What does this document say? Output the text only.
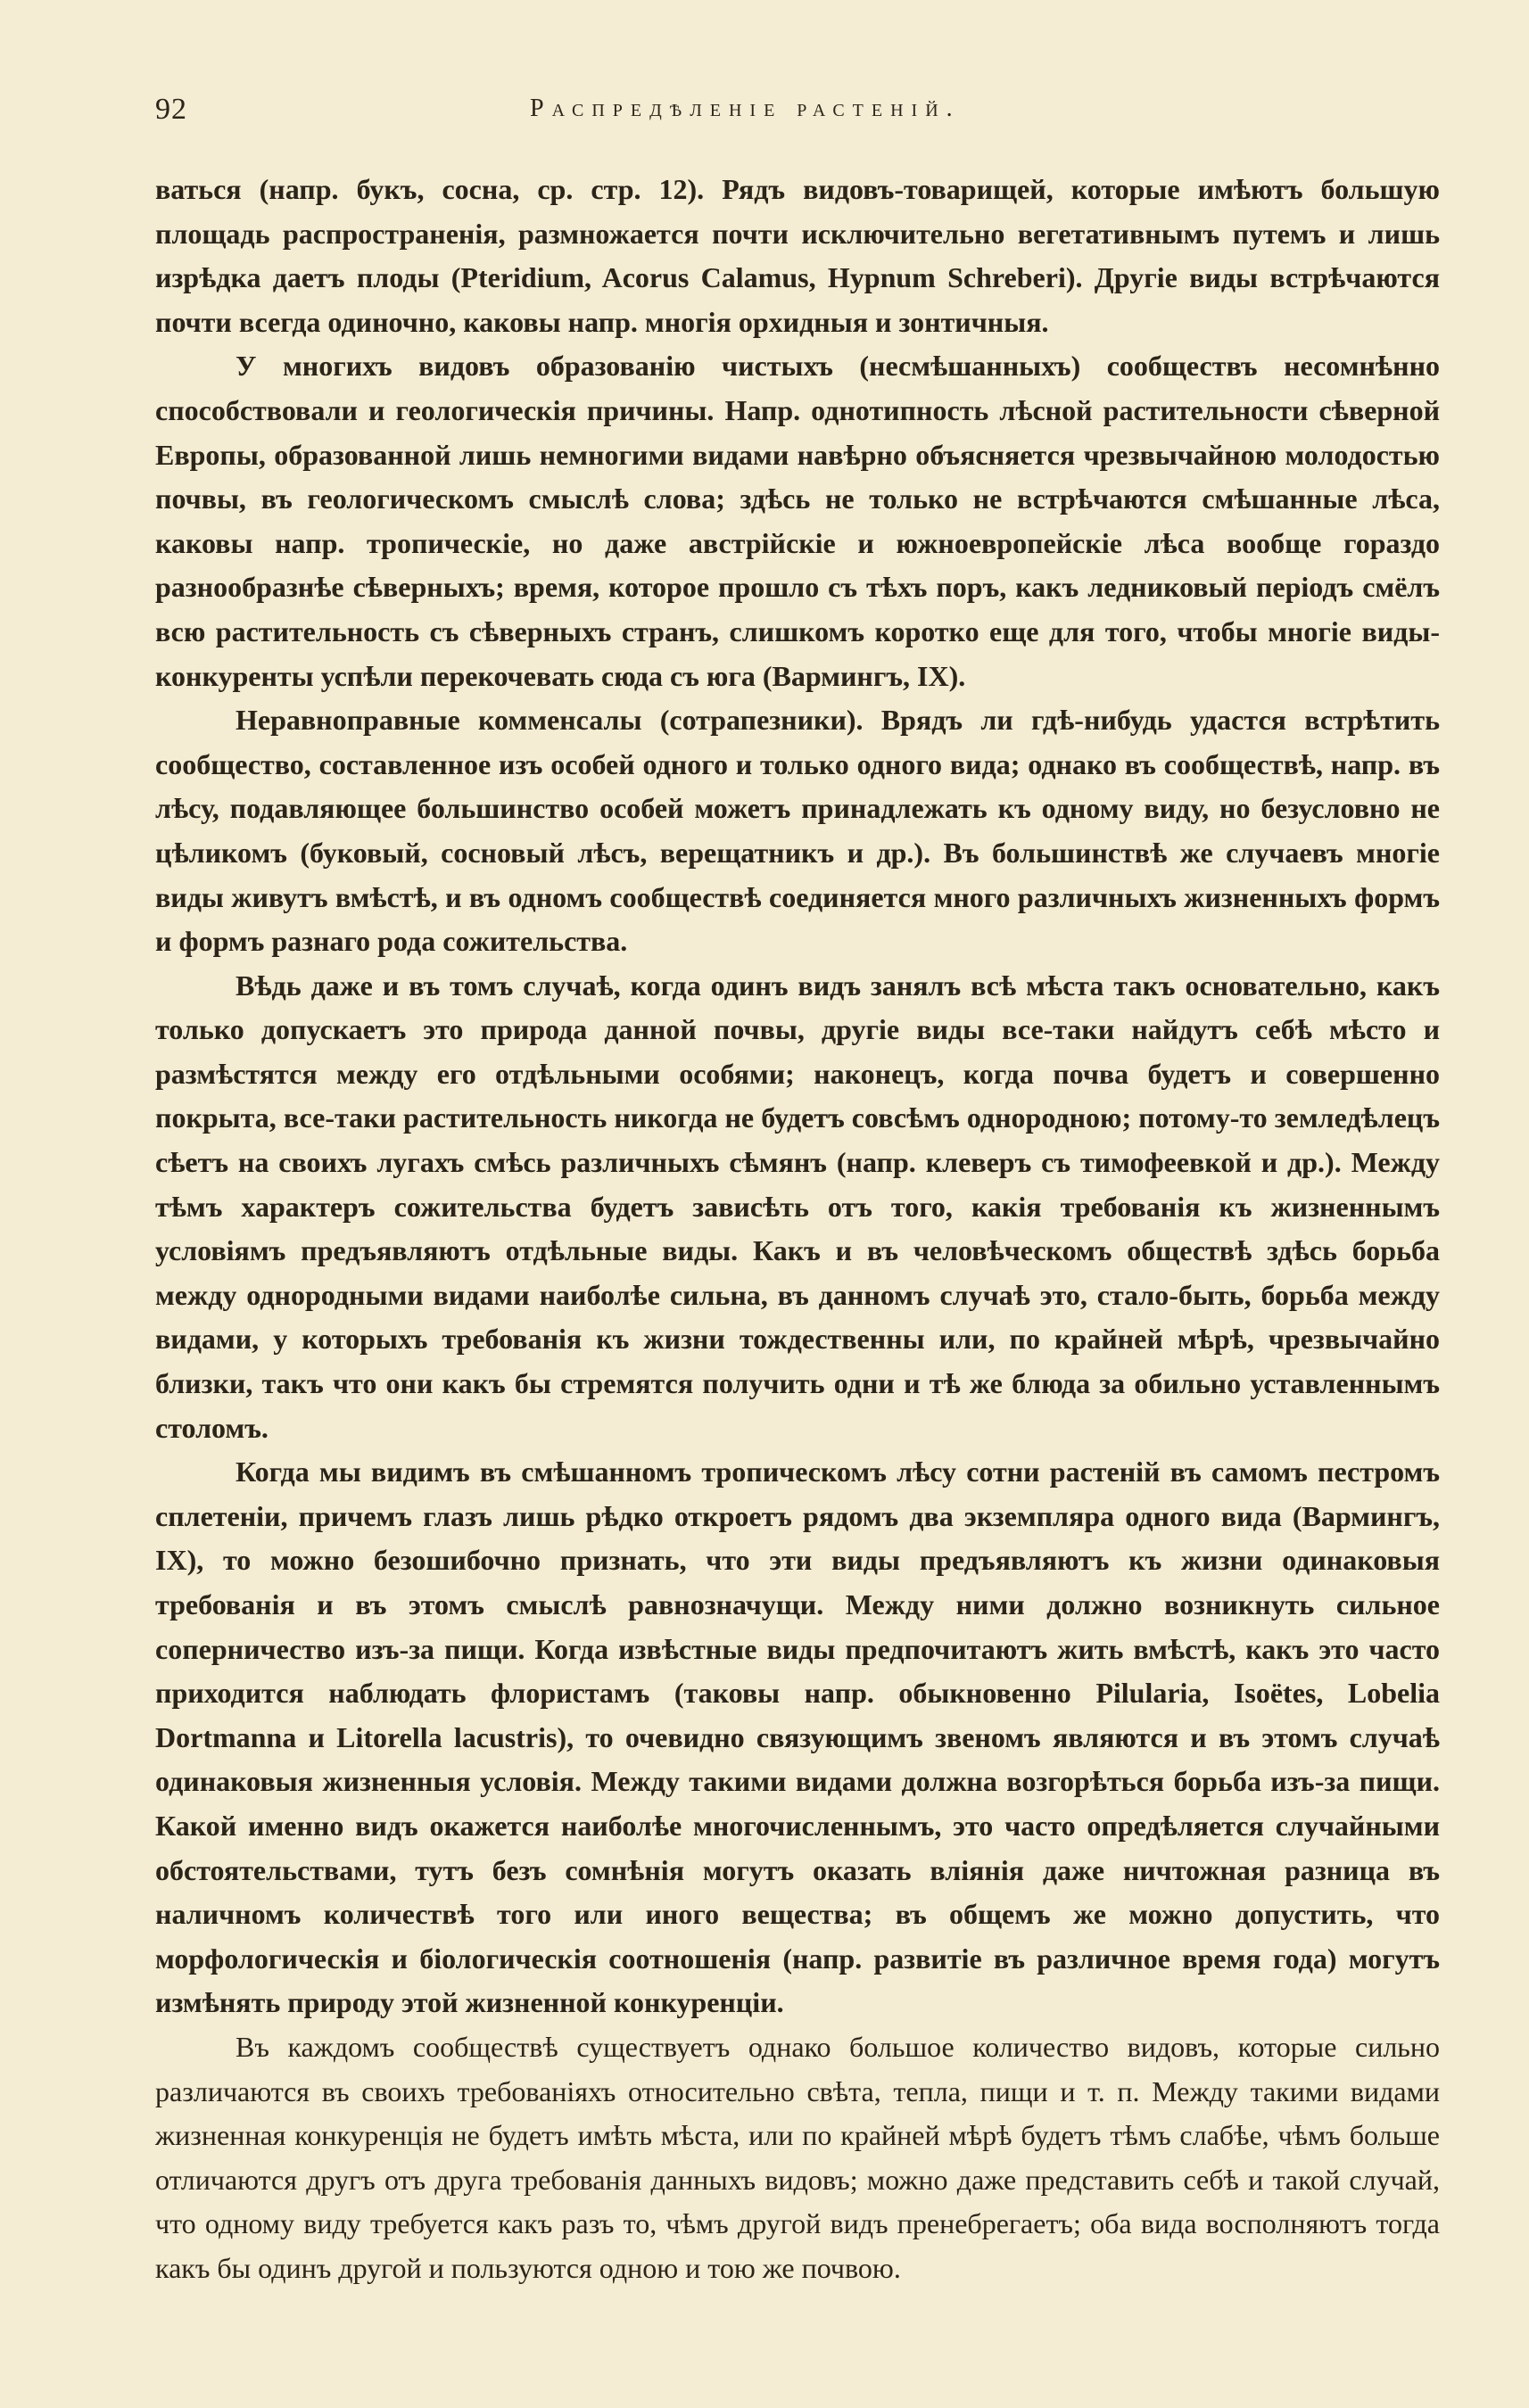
92	Распредѣленіе растеній.

ваться (напр. букъ, сосна, ср. стр. 12). Рядъ видовъ-товарищей, которые имѣютъ большую площадь распространенія, размножается почти исключительно вегетативнымъ путемъ и лишь изрѣдка даетъ плоды (Pteridium, Acorus Calamus, Hypnum Schreberi). Другіе виды встрѣчаются почти всегда одиночно, каковы напр. многія орхидныя и зонтичныя.

У многихъ видовъ образованію чистыхъ (несмѣшанныхъ) сообществъ несомнѣнно способствовали и геологическія причины. Напр. однотипность лѣсной растительности сѣверной Европы, образованной лишь немногими видами навѣрно объясняется чрезвычайною молодостью почвы, въ геологическомъ смыслѣ слова; здѣсь не только не встрѣчаются смѣшанные лѣса, каковы напр. тропическіе, но даже австрійскіе и южноевропейскіе лѣса вообще гораздо разнообразнѣе сѣверныхъ; время, которое прошло съ тѣхъ поръ, какъ ледниковый періодъ смёлъ всю растительность съ сѣверныхъ странъ, слишкомъ коротко еще для того, чтобы многіе виды-конкуренты успѣли перекочевать сюда съ юга (Вармингъ, IX).

Неравноправные коммeнсалы (сотрапезники). Врядъ ли гдѣ-нибудь удастся встрѣтить сообщество, составленное изъ особей одного и только одного вида; однако въ сообществѣ, напр. въ лѣсу, подавляющее большинство особей можетъ принадлежать къ одному виду, но безусловно не цѣликомъ (буковый, сосновый лѣсъ, верещатникъ и др.). Въ большинствѣ же случаевъ многіе виды живутъ вмѣстѣ, и въ одномъ сообществѣ соединяется много различныхъ жизненныхъ формъ и формъ разнаго рода сожительства.

Вѣдь даже и въ томъ случаѣ, когда одинъ видъ занялъ всѣ мѣста такъ основательно, какъ только допускаетъ это природа данной почвы, другіе виды все-таки найдутъ себѣ мѣсто и размѣстятся между его отдѣльными особями; наконецъ, когда почва будетъ и совершенно покрыта, все-таки растительность никогда не будетъ совсѣмъ однородною; потому-то земледѣлецъ сѣетъ на своихъ лугахъ смѣсь различныхъ сѣмянъ (напр. клеверъ съ тимофеевкой и др.). Между тѣмъ характеръ сожительства будетъ зависѣть отъ того, какія требованія къ жизненнымъ условіямъ предъявляютъ отдѣльные виды. Какъ и въ человѣческомъ обществѣ здѣсь борьба между однородными видами наиболѣе сильна, въ данномъ случаѣ это, стало-быть, борьба между видами, у которыхъ требованія къ жизни тождественны или, по крайней мѣрѣ, чрезвычайно близки, такъ что они какъ бы стремятся получить одни и тѣ же блюда за обильно уставленнымъ столомъ.

Когда мы видимъ въ смѣшанномъ тропическомъ лѣсу сотни растеній въ самомъ пестромъ сплетеніи, причемъ глазъ лишь рѣдко откроетъ рядомъ два экземпляра одного вида (Вармингъ, IX), то можно безошибочно признать, что эти виды предъявляютъ къ жизни одинаковыя требованія и въ этомъ смыслѣ равнозначущи. Между ними должно возникнуть сильное соперничество изъ-за пищи. Когда извѣстные виды предпочитаютъ жить вмѣстѣ, какъ это часто приходится наблюдать флористамъ (таковы напр. обыкновенно Pilularia, Isoëtes, Lobelia Dortmanna и Litorella lacustris), то очевидно связующимъ звеномъ являются и въ этомъ случаѣ одинаковыя жизненныя условія. Между такими видами должна возгорѣться борьба изъ-за пищи. Какой именно видъ окажется наиболѣе многочисленнымъ, это часто опредѣляется случайными обстоятельствами, тутъ безъ сомнѣнія могутъ оказать вліянія даже ничтожная разница въ наличномъ количествѣ того или иного вещества; въ общемъ же можно допустить, что морфологическія и біологическія соотношенія (напр. развитіе въ различное время года) могутъ измѣнять природу этой жизненной конкуренціи.

Въ каждомъ сообществѣ существуетъ однако большое количество видовъ, которые сильно различаются въ своихъ требованіяхъ относительно свѣта, тепла, пищи и т. п. Между такими видами жизненная конкуренція не будетъ имѣть мѣста, или по крайней мѣрѣ будетъ тѣмъ слабѣе, чѣмъ больше отличаются другъ отъ друга требованія данныхъ видовъ; можно даже представить себѣ и такой случай, что одному виду требуется какъ разъ то, чѣмъ другой видъ пренебрегаетъ; оба вида восполняютъ тогда какъ бы одинъ другой и пользуются одною и тою же почвою.
